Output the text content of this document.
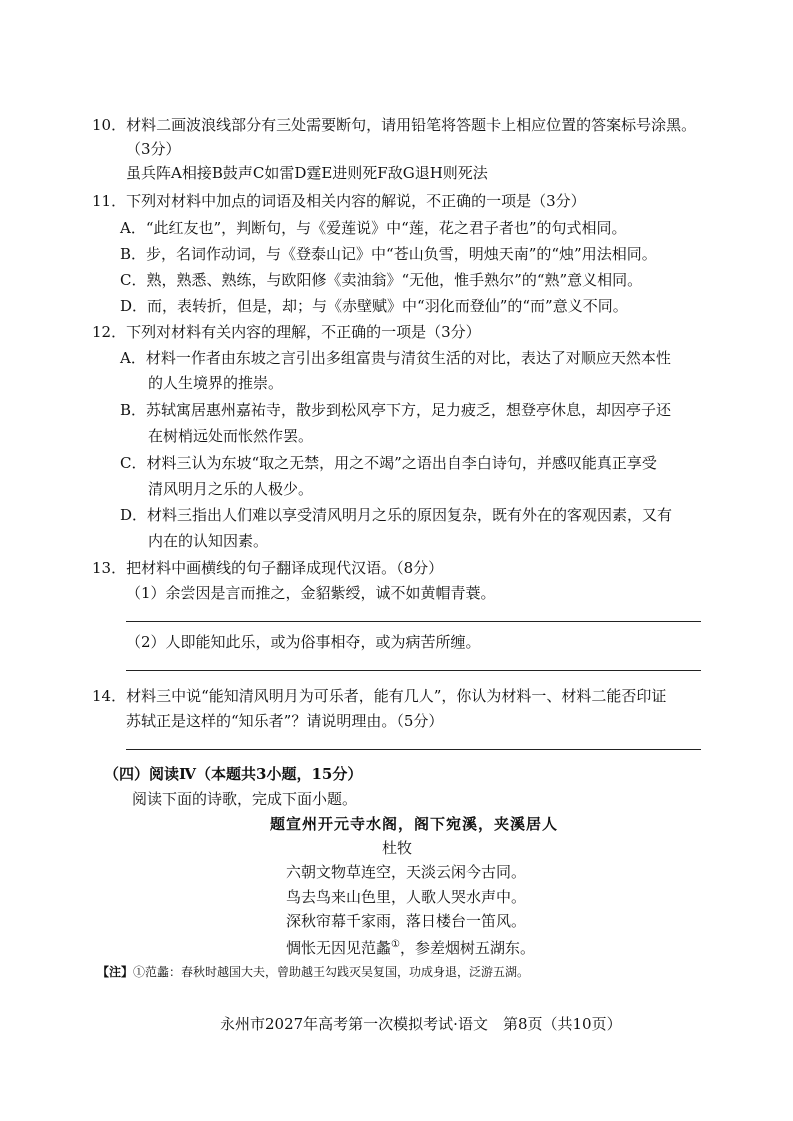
10．材料二画波浪线部分有三处需要断句，请用铅笔将答题卡上相应位置的答案标号涂黑。
（3分）
虽兵阵A相接B鼓声C如雷D霆E进则死F敌G退H则死法
11．下列对材料中加点的词语及相关内容的解说，不正确的一项是（3分）
A．“此红友也”，判断句，与《爱莲说》中“莲，花之君子者也”的句式相同。
B．步，名词作动词，与《登泰山记》中“苍山负雪，明烛天南”的“烛”用法相同。
C．熟，熟悉、熟练，与欧阳修《卖油翁》“无他，惟手熟尔”的“熟”意义相同。
D．而，表转折，但是，却；与《赤壁赋》中“羽化而登仙”的“而”意义不同。
12．下列对材料有关内容的理解，不正确的一项是（3分）
A．材料一作者由东坡之言引出多组富贵与清贫生活的对比，表达了对顺应天然本性
的人生境界的推崇。
B．苏轼寓居惠州嘉祐寺，散步到松风亭下方，足力疲乏，想登亭休息，却因亭子还
在树梢远处而怅然作罢。
C．材料三认为东坡“取之无禁，用之不竭”之语出自李白诗句，并感叹能真正享受
清风明月之乐的人极少。
D．材料三指出人们难以享受清风明月之乐的原因复杂，既有外在的客观因素，又有
内在的认知因素。
13．把材料中画横线的句子翻译成现代汉语。（8分）
（1）余尝因是言而推之，金貂紫绶，诚不如黄帽青蓑。
（2）人即能知此乐，或为俗事相夺，或为病苦所缠。
14．材料三中说“能知清风明月为可乐者，能有几人”，你认为材料一、材料二能否印证
苏轼正是这样的“知乐者”？请说明理由。（5分）
（四）阅读Ⅳ（本题共3小题，15分）
阅读下面的诗歌，完成下面小题。
题宣州开元寺水阁，阁下宛溪，夹溪居人
杜牧
六朝文物草连空，天淡云闲今古同。
鸟去鸟来山色里，人歌人哭水声中。
深秋帘幕千家雨，落日楼台一笛风。
惆怅无因见范蠡①，参差烟树五湖东。
【注】①范蠡：春秋时越国大夫，曾助越王勾践灭吴复国，功成身退，泛游五湖。
永州市2027年高考第一次模拟考试·语文　第8页（共10页）
